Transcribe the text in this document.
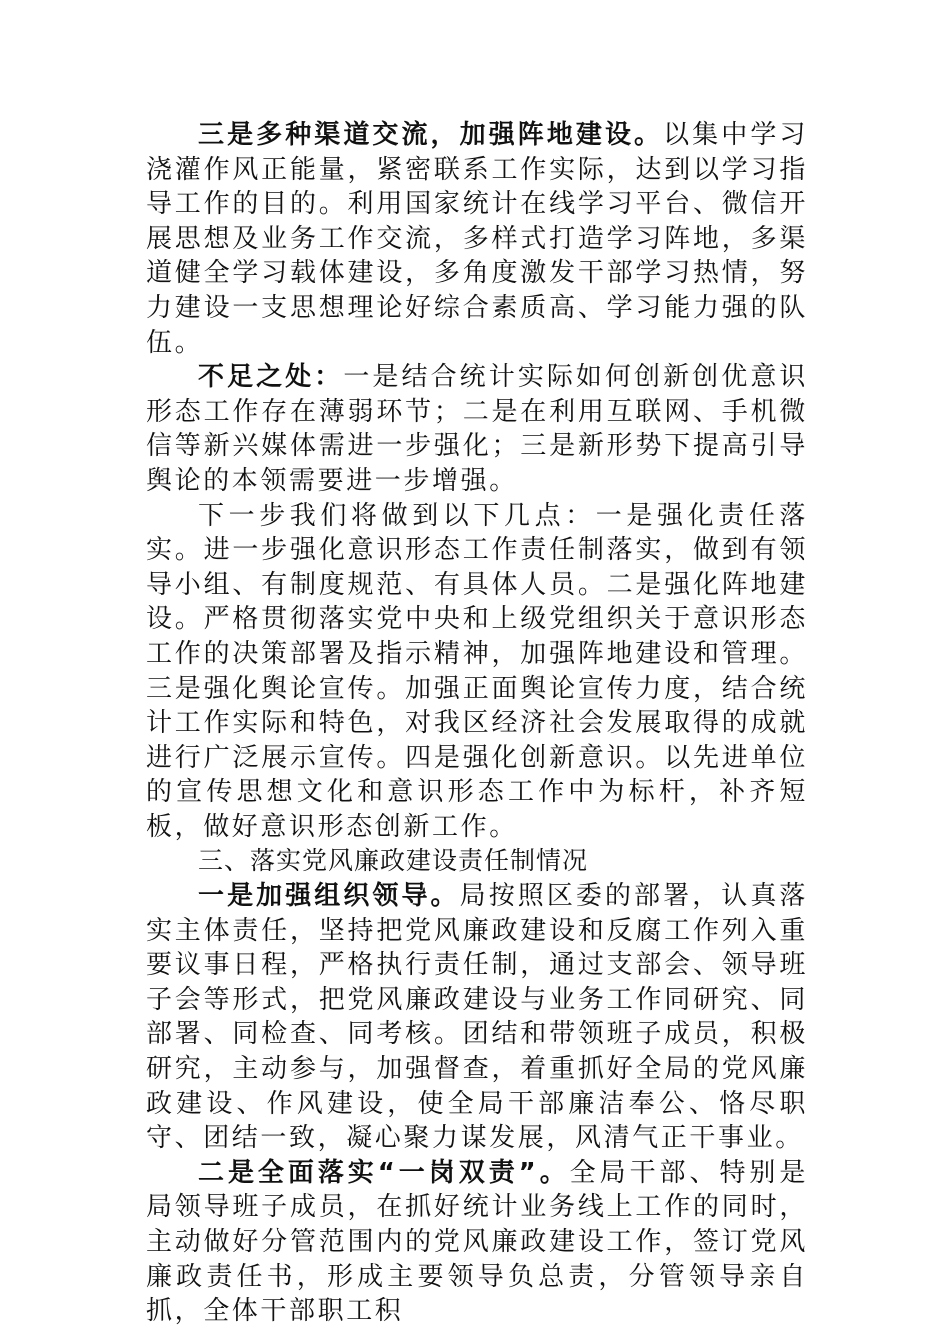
三是多种渠道交流，加强阵地建设。以集中学习浇灌作风正能量，紧密联系工作实际，达到以学习指导工作的目的。利用国家统计在线学习平台、微信开展思想及业务工作交流，多样式打造学习阵地，多渠道健全学习载体建设，多角度激发干部学习热情，努力建设一支思想理论好综合素质高、学习能力强的队伍。

不足之处：一是结合统计实际如何创新创优意识形态工作存在薄弱环节；二是在利用互联网、手机微信等新兴媒体需进一步强化；三是新形势下提高引导舆论的本领需要进一步增强。

下一步我们将做到以下几点：一是强化责任落实。进一步强化意识形态工作责任制落实，做到有领导小组、有制度规范、有具体人员。二是强化阵地建设。严格贯彻落实党中央和上级党组织关于意识形态工作的决策部署及指示精神，加强阵地建设和管理。三是强化舆论宣传。加强正面舆论宣传力度，结合统计工作实际和特色，对我区经济社会发展取得的成就进行广泛展示宣传。四是强化创新意识。以先进单位的宣传思想文化和意识形态工作中为标杆，补齐短板，做好意识形态创新工作。

三、落实党风廉政建设责任制情况

一是加强组织领导。局按照区委的部署，认真落实主体责任，坚持把党风廉政建设和反腐工作列入重要议事日程，严格执行责任制，通过支部会、领导班子会等形式，把党风廉政建设与业务工作同研究、同部署、同检查、同考核。团结和带领班子成员，积极研究，主动参与，加强督查，着重抓好全局的党风廉政建设、作风建设，使全局干部廉洁奉公、恪尽职守、团结一致，凝心聚力谋发展，风清气正干事业。

二是全面落实“一岗双责”。全局干部、特别是局领导班子成员，在抓好统计业务线上工作的同时，主动做好分管范围内的党风廉政建设工作，签订党风廉政责任书，形成主要领导负总责，分管领导亲自抓，全体干部职工积
